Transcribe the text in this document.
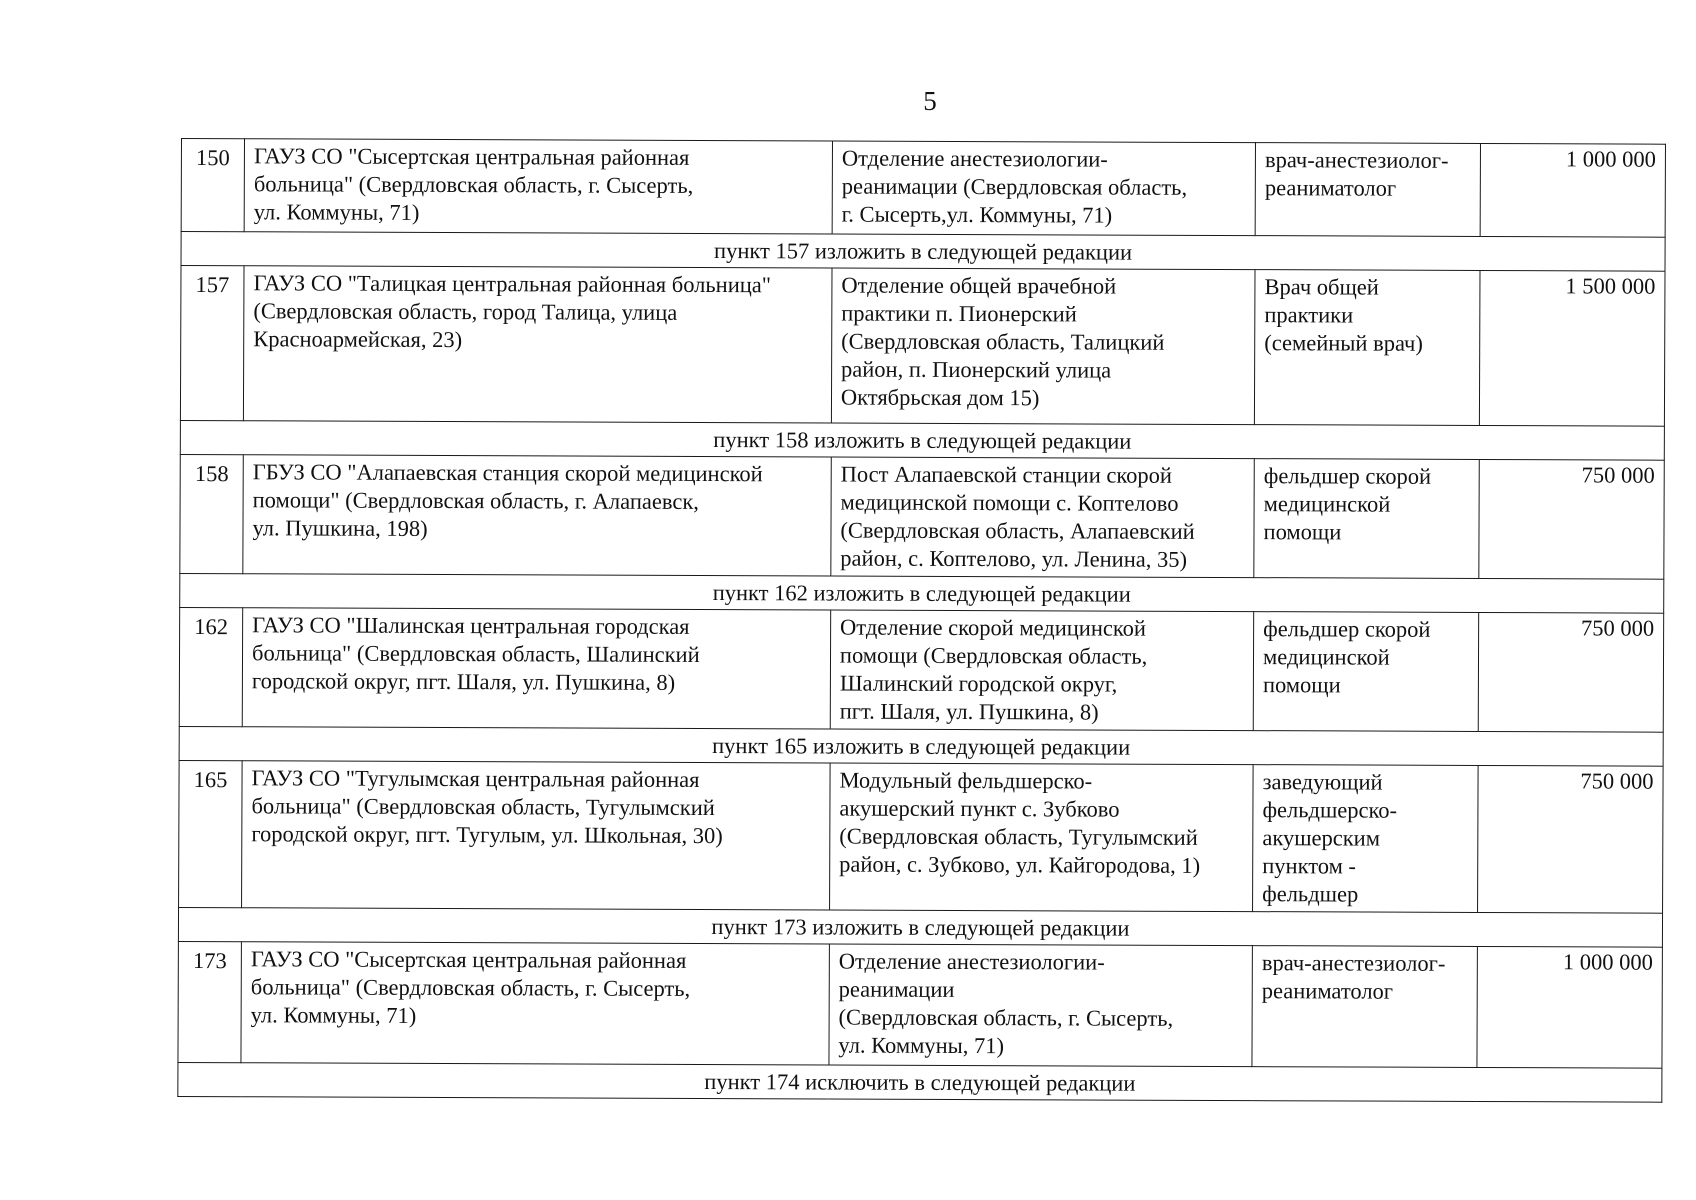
5
150	ГАУЗ СО "Сысертская центральная районная
больница" (Свердловская область, г. Сысерть,
ул. Коммуны, 71)	Отделение анестезиологии-
реанимации (Свердловская область,
г. Сысерть,ул. Коммуны, 71)	врач-анестезиолог-
реаниматолог	1 000 000

пункт 157 изложить в следующей редакции				

157	ГАУЗ СО "Талицкая центральная районная больница"
(Свердловская область, город Талица, улица
Красноармейская, 23)	Отделение общей врачебной
практики п. Пионерский
(Свердловская область, Талицкий
район, п. Пионерский улица
Октябрьская дом 15)	Врач общей
практики
(семейный врач)	1 500 000

пункт 158 изложить в следующей редакции				

158	ГБУЗ СО "Алапаевская станция скорой медицинской
помощи" (Свердловская область, г. Алапаевск,
ул. Пушкина, 198)	Пост Алапаевской станции скорой
медицинской помощи с. Коптелово
(Свердловская область, Алапаевский
район, с. Коптелово, ул. Ленина, 35)	фельдшер скорой
медицинской
помощи	750 000

пункт 162 изложить в следующей редакции				

162	ГАУЗ СО "Шалинская центральная городская
больница" (Свердловская область, Шалинский
городской округ, пгт. Шаля, ул. Пушкина, 8)	Отделение скорой медицинской
помощи (Свердловская область,
Шалинский городской округ,
пгт. Шаля, ул. Пушкина, 8)	фельдшер скорой
медицинской
помощи	750 000

пункт 165 изложить в следующей редакции				

165	ГАУЗ СО "Тугулымская центральная районная
больница" (Свердловская область, Тугулымский
городской округ, пгт. Тугулым, ул. Школьная, 30)	Модульный фельдшерско-
акушерский пункт с. Зубково
(Свердловская область, Тугулымский
район, с. Зубково, ул. Кайгородова, 1)	заведующий
фельдшерско-
акушерским
пунктом -
фельдшер	750 000

пункт 173 изложить в следующей редакции				

173	ГАУЗ СО "Сысертская центральная районная
больница" (Свердловская область, г. Сысерть,
ул. Коммуны, 71)	Отделение анестезиологии-
реанимации
(Свердловская область, г. Сысерть,
ул. Коммуны, 71)	врач-анестезиолог-
реаниматолог	1 000 000

пункт 174 исключить в следующей редакции				
